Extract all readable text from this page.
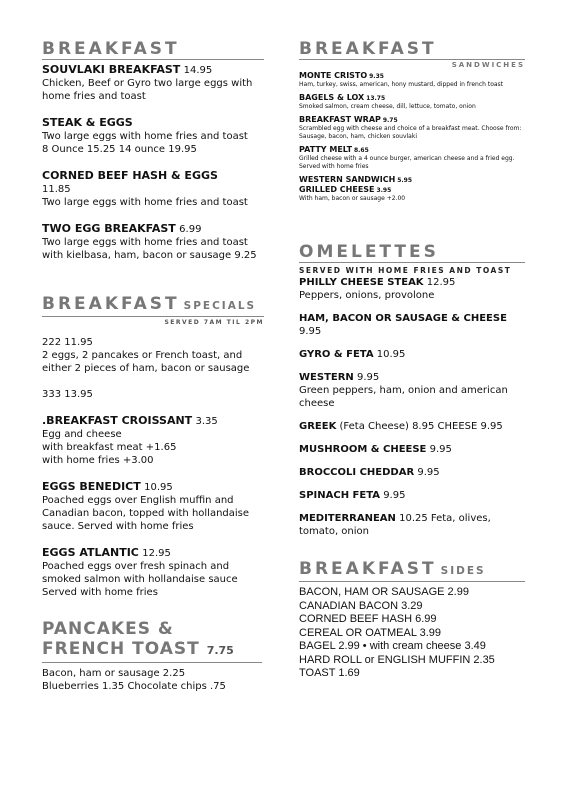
BREAKFAST
SOUVLAKI BREAKFAST 14.95
Chicken, Beef or Gyro two large eggs with
home fries and toast
STEAK & EGGS
Two large eggs with home fries and toast
8 Ounce 15.25 14 ounce 19.95
CORNED BEEF HASH & EGGS
11.85
Two large eggs with home fries and toast
TWO EGG BREAKFAST 6.99
Two large eggs with home fries and toast
with kielbasa, ham, bacon or sausage 9.25
BREAKFAST SPECIALS
SERVED 7AM TIL 2PM
222 11.95
2 eggs, 2 pancakes or French toast, and
either 2 pieces of ham, bacon or sausage
333 13.95
.BREAKFAST CROISSANT 3.35
Egg and cheese
with breakfast meat +1.65
with home fries +3.00
EGGS BENEDICT 10.95
Poached eggs over English muffin and
Canadian bacon, topped with hollandaise
sauce. Served with home fries
EGGS ATLANTIC 12.95
Poached eggs over fresh spinach and
smoked salmon with hollandaise sauce
Served with home fries
PANCAKES &
FRENCH TOAST 7.75
Bacon, ham or sausage 2.25
Blueberries 1.35 Chocolate chips .75
BREAKFAST
SANDWICHES
MONTE CRISTO 9.35
Ham, turkey, swiss, american, hony mustard, dipped in french toast
BAGELS & LOX 13.75
Smoked salmon, cream cheese, dill, lettuce, tomato, onion
BREAKFAST WRAP 9.75
Scrambled egg with cheese and choice of a breakfast meat. Choose from: Sausage, bacon, ham, chicken souvlaki
PATTY MELT 8.65
Grilled cheese with a 4 ounce burger, american cheese and a fried egg. Served with home fries
WESTERN SANDWICH 5.95
GRILLED CHEESE 3.95
With ham, bacon or sausage +2.00
OMELETTES
SERVED WITH HOME FRIES AND TOAST
PHILLY CHEESE STEAK 12.95
Peppers, onions, provolone
HAM, BACON OR SAUSAGE & CHEESE 9.95
GYRO & FETA 10.95
WESTERN 9.95
Green peppers, ham, onion and american cheese
GREEK (Feta Cheese) 8.95 CHEESE 9.95
MUSHROOM & CHEESE 9.95
BROCCOLI CHEDDAR 9.95
SPINACH FETA 9.95
MEDITERRANEAN 10.25 Feta, olives, tomato, onion
BREAKFAST SIDES
BACON, HAM OR SAUSAGE 2.99
CANADIAN BACON 3.29
CORNED BEEF HASH 6.99
CEREAL OR OATMEAL 3.99
BAGEL 2.99 • with cream cheese 3.49
HARD ROLL or ENGLISH MUFFIN 2.35
TOAST 1.69
